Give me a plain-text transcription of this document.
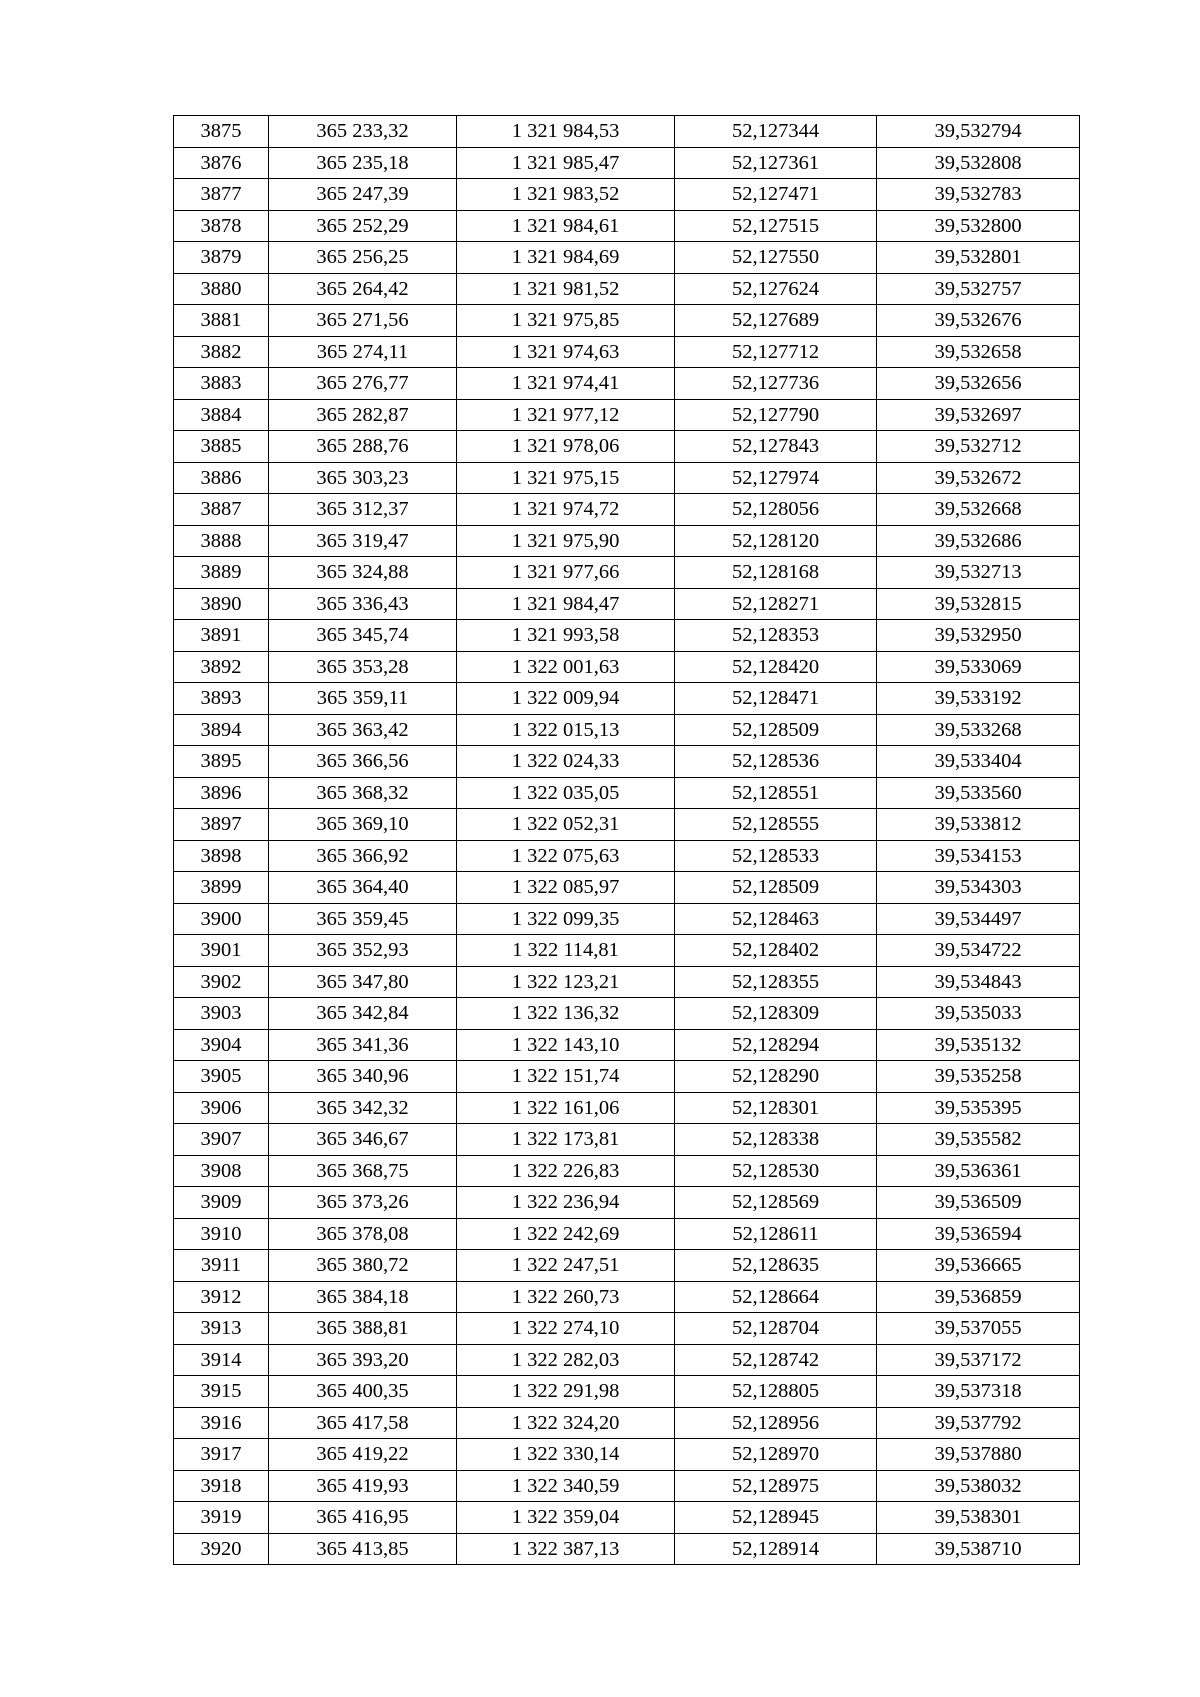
3875	365 233,32	1 321 984,53	52,127344	39,532794
3876	365 235,18	1 321 985,47	52,127361	39,532808
3877	365 247,39	1 321 983,52	52,127471	39,532783
3878	365 252,29	1 321 984,61	52,127515	39,532800
3879	365 256,25	1 321 984,69	52,127550	39,532801
3880	365 264,42	1 321 981,52	52,127624	39,532757
3881	365 271,56	1 321 975,85	52,127689	39,532676
3882	365 274,11	1 321 974,63	52,127712	39,532658
3883	365 276,77	1 321 974,41	52,127736	39,532656
3884	365 282,87	1 321 977,12	52,127790	39,532697
3885	365 288,76	1 321 978,06	52,127843	39,532712
3886	365 303,23	1 321 975,15	52,127974	39,532672
3887	365 312,37	1 321 974,72	52,128056	39,532668
3888	365 319,47	1 321 975,90	52,128120	39,532686
3889	365 324,88	1 321 977,66	52,128168	39,532713
3890	365 336,43	1 321 984,47	52,128271	39,532815
3891	365 345,74	1 321 993,58	52,128353	39,532950
3892	365 353,28	1 322 001,63	52,128420	39,533069
3893	365 359,11	1 322 009,94	52,128471	39,533192
3894	365 363,42	1 322 015,13	52,128509	39,533268
3895	365 366,56	1 322 024,33	52,128536	39,533404
3896	365 368,32	1 322 035,05	52,128551	39,533560
3897	365 369,10	1 322 052,31	52,128555	39,533812
3898	365 366,92	1 322 075,63	52,128533	39,534153
3899	365 364,40	1 322 085,97	52,128509	39,534303
3900	365 359,45	1 322 099,35	52,128463	39,534497
3901	365 352,93	1 322 114,81	52,128402	39,534722
3902	365 347,80	1 322 123,21	52,128355	39,534843
3903	365 342,84	1 322 136,32	52,128309	39,535033
3904	365 341,36	1 322 143,10	52,128294	39,535132
3905	365 340,96	1 322 151,74	52,128290	39,535258
3906	365 342,32	1 322 161,06	52,128301	39,535395
3907	365 346,67	1 322 173,81	52,128338	39,535582
3908	365 368,75	1 322 226,83	52,128530	39,536361
3909	365 373,26	1 322 236,94	52,128569	39,536509
3910	365 378,08	1 322 242,69	52,128611	39,536594
3911	365 380,72	1 322 247,51	52,128635	39,536665
3912	365 384,18	1 322 260,73	52,128664	39,536859
3913	365 388,81	1 322 274,10	52,128704	39,537055
3914	365 393,20	1 322 282,03	52,128742	39,537172
3915	365 400,35	1 322 291,98	52,128805	39,537318
3916	365 417,58	1 322 324,20	52,128956	39,537792
3917	365 419,22	1 322 330,14	52,128970	39,537880
3918	365 419,93	1 322 340,59	52,128975	39,538032
3919	365 416,95	1 322 359,04	52,128945	39,538301
3920	365 413,85	1 322 387,13	52,128914	39,538710
